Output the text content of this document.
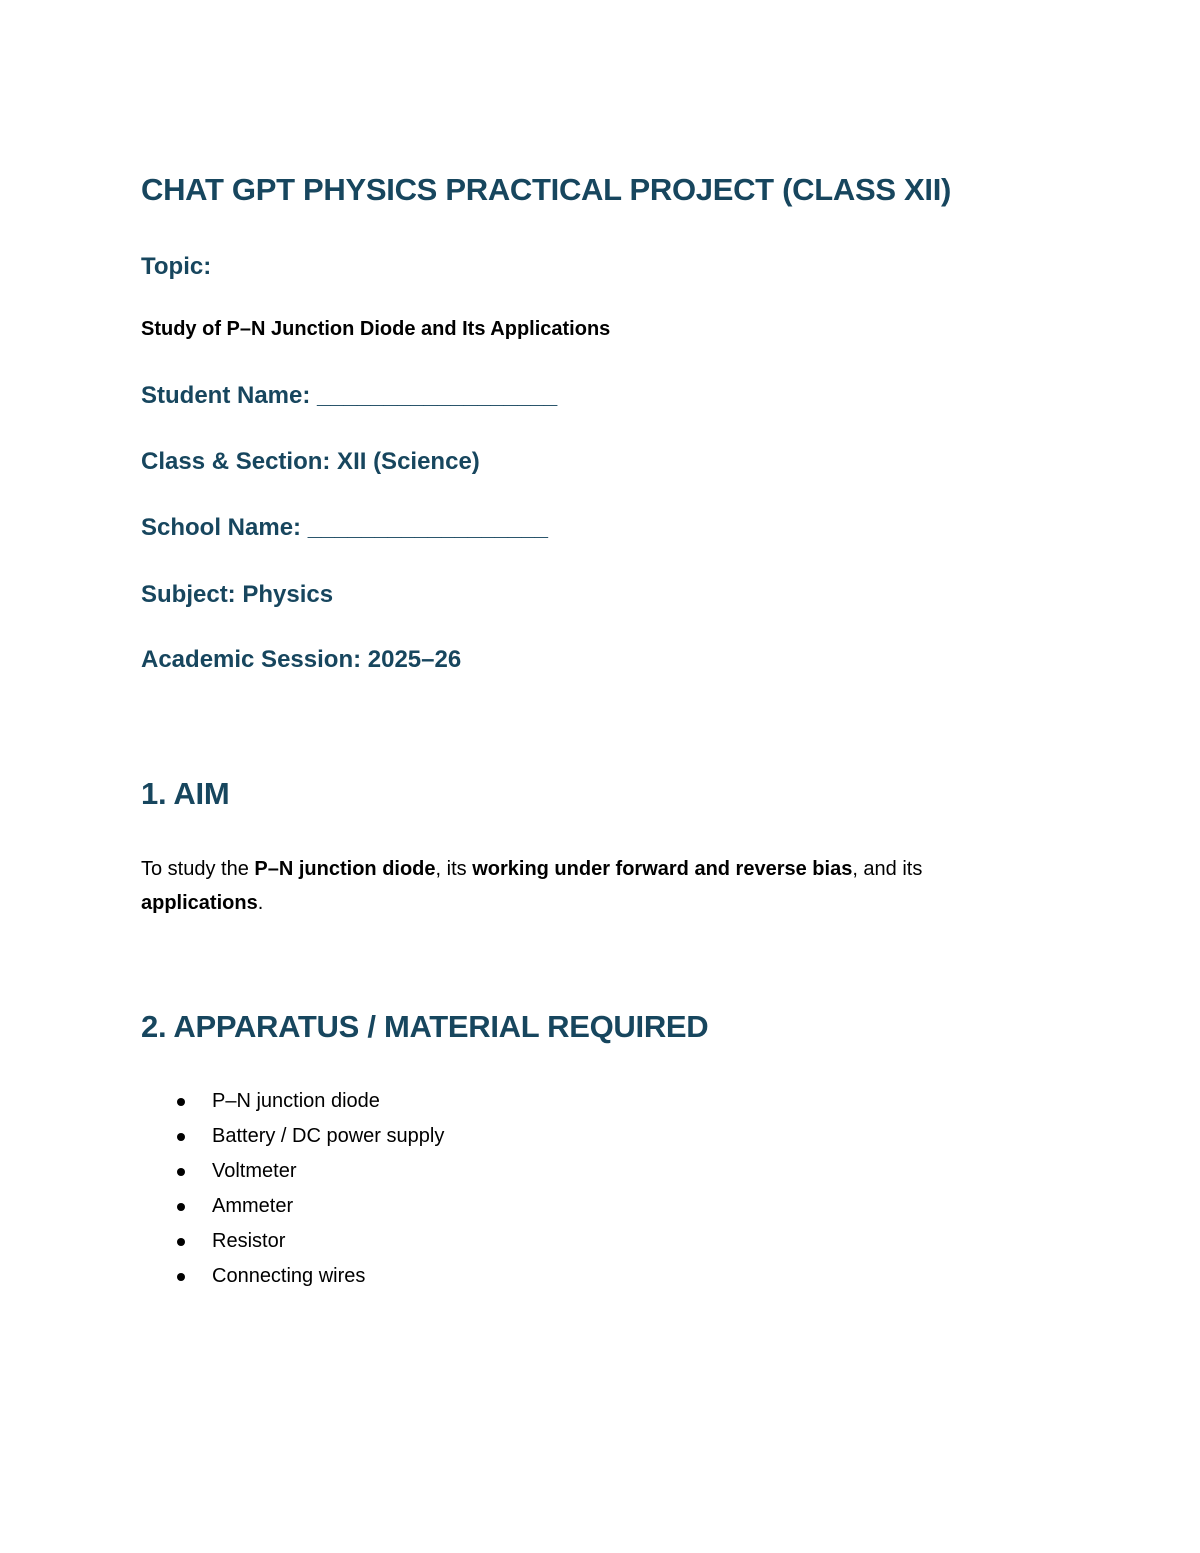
CHAT GPT PHYSICS PRACTICAL PROJECT (CLASS XII)

Topic:

Study of P–N Junction Diode and Its Applications

Student Name: __________________

Class & Section: XII (Science)

School Name: __________________

Subject: Physics

Academic Session: 2025–26

1. AIM

To study the P–N junction diode, its working under forward and reverse bias, and its applications.

2. APPARATUS / MATERIAL REQUIRED
P–N junction diode
Battery / DC power supply
Voltmeter
Ammeter
Resistor
Connecting wires
